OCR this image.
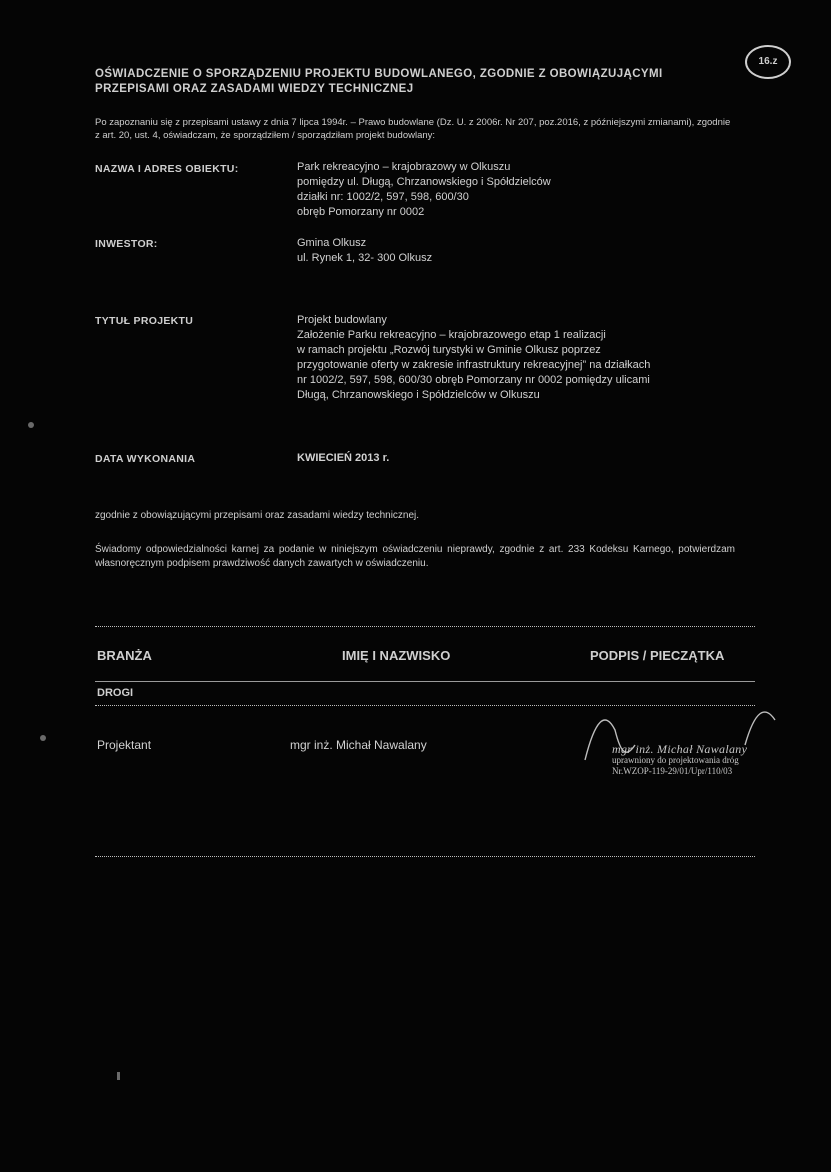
16.z
OŚWIADCZENIE O SPORZĄDZENIU PROJEKTU BUDOWLANEGO, ZGODNIE Z OBOWIĄZUJĄCYMI PRZEPISAMI ORAZ ZASADAMI WIEDZY TECHNICZNEJ
Po zapoznaniu się z przepisami ustawy z dnia 7 lipca 1994r. – Prawo budowlane (Dz. U. z 2006r. Nr 207, poz.2016, z późniejszymi zmianami), zgodnie z art. 20, ust. 4, oświadczam, że sporządziłem / sporządziłam projekt budowlany:
NAZWA I ADRES OBIEKTU:	Park rekreacyjno – krajobrazowy w Olkuszu
pomiędzy ul. Długą, Chrzanowskiego i Spółdzielców
działki nr: 1002/2, 597, 598, 600/30
obręb Pomorzany nr 0002
INWESTOR:	Gmina Olkusz
ul. Rynek 1, 32- 300 Olkusz
TYTUŁ PROJEKTU	Projekt budowlany
Założenie Parku rekreacyjno – krajobrazowego etap 1 realizacji
w ramach projektu „Rozwój turystyki w Gminie Olkusz poprzez
przygotowanie oferty w zakresie infrastruktury rekreacyjnej” na działkach
nr 1002/2, 597, 598, 600/30 obręb Pomorzany nr 0002 pomiędzy ulicami
Długą, Chrzanowskiego i Spółdzielców w Olkuszu
DATA WYKONANIA	KWIECIEŃ 2013 r.
zgodnie z obowiązującymi przepisami oraz zasadami wiedzy technicznej.
Świadomy odpowiedzialności karnej za podanie w niniejszym oświadczeniu nieprawdy, zgodnie z art. 233 Kodeksu Karnego, potwierdzam własnoręcznym podpisem prawdziwość danych zawartych w oświadczeniu.
BRANŻA	IMIĘ I NAZWISKO	PODPIS / PIECZĄTKA
DROGI
Projektant	mgr inż. Michał Nawalany	mgr inż. Michał Nawalany
uprawniony do projektowania dróg
Nr.WZOP-119-29/01/Upr/110/03
